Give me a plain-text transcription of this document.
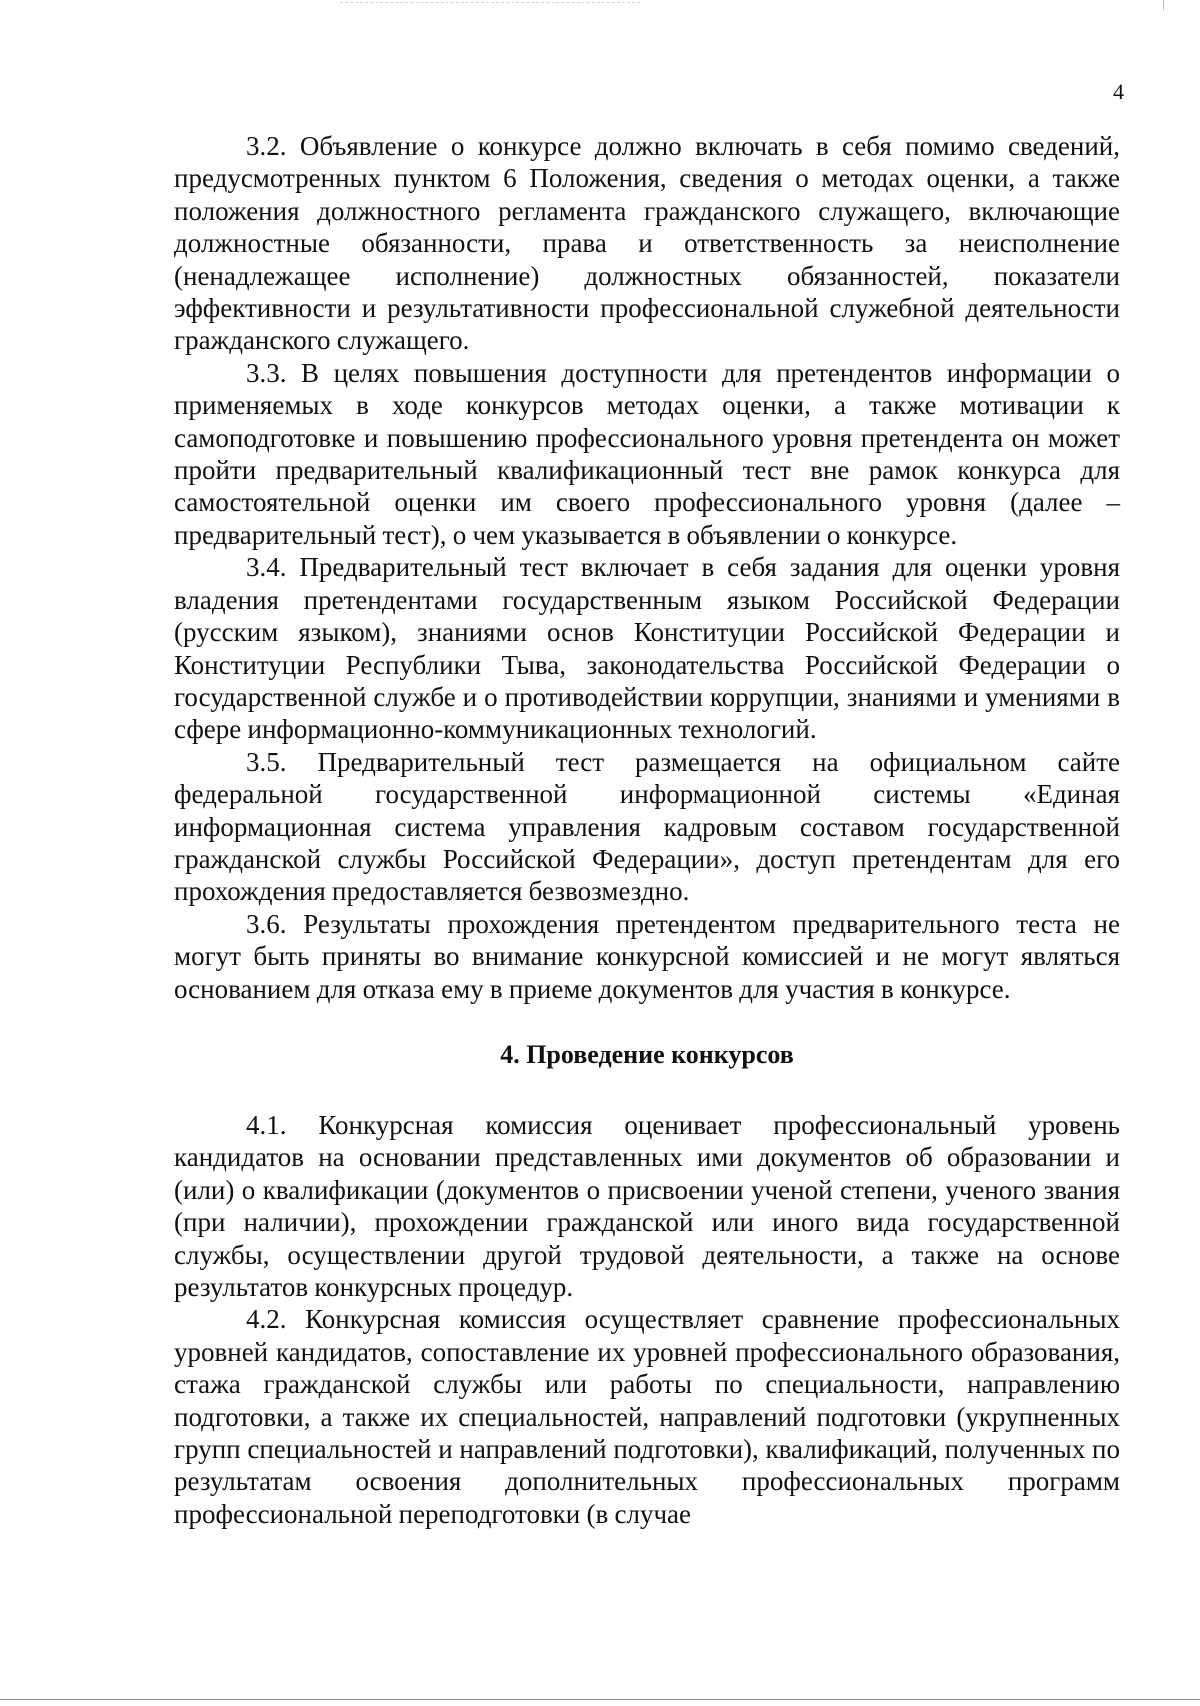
4

3.2. Объявление о конкурсе должно включать в себя помимо сведений, предусмотренных пунктом 6 Положения, сведения о методах оценки, а также положения должностного регламента гражданского служащего, включающие должностные обязанности, права и ответственность за неисполнение (ненадлежащее исполнение) должностных обязанностей, показатели эффективности и результативности профессиональной служебной деятельности гражданского служащего.

3.3. В целях повышения доступности для претендентов информации о применяемых в ходе конкурсов методах оценки, а также мотивации к самоподготовке и повышению профессионального уровня претендента он может пройти предварительный квалификационный тест вне рамок конкурса для самостоятельной оценки им своего профессионального уровня (далее – предварительный тест), о чем указывается в объявлении о конкурсе.

3.4. Предварительный тест включает в себя задания для оценки уровня владения претендентами государственным языком Российской Федерации (русским языком), знаниями основ Конституции Российской Федерации и Конституции Республики Тыва, законодательства Российской Федерации о государственной службе и о противодействии коррупции, знаниями и умениями в сфере информационно-коммуникационных технологий.

3.5. Предварительный тест размещается на официальном сайте федеральной государственной информационной системы «Единая информационная система управления кадровым составом государственной гражданской службы Российской Федерации», доступ претендентам для его прохождения предоставляется безвозмездно.

3.6. Результаты прохождения претендентом предварительного теста не могут быть приняты во внимание конкурсной комиссией и не могут являться основанием для отказа ему в приеме документов для участия в конкурсе.

4. Проведение конкурсов

4.1. Конкурсная комиссия оценивает профессиональный уровень кандидатов на основании представленных ими документов об образовании и (или) о квалификации (документов о присвоении ученой степени, ученого звания (при наличии), прохождении гражданской или иного вида государственной службы, осуществлении другой трудовой деятельности, а также на основе результатов конкурсных процедур.

4.2. Конкурсная комиссия осуществляет сравнение профессиональных уровней кандидатов, сопоставление их уровней профессионального образования, стажа гражданской службы или работы по специальности, направлению подготовки, а также их специальностей, направлений подготовки (укрупненных групп специальностей и направлений подготовки), квалификаций, полученных по результатам освоения дополнительных профессиональных программ профессиональной переподготовки (в случае
